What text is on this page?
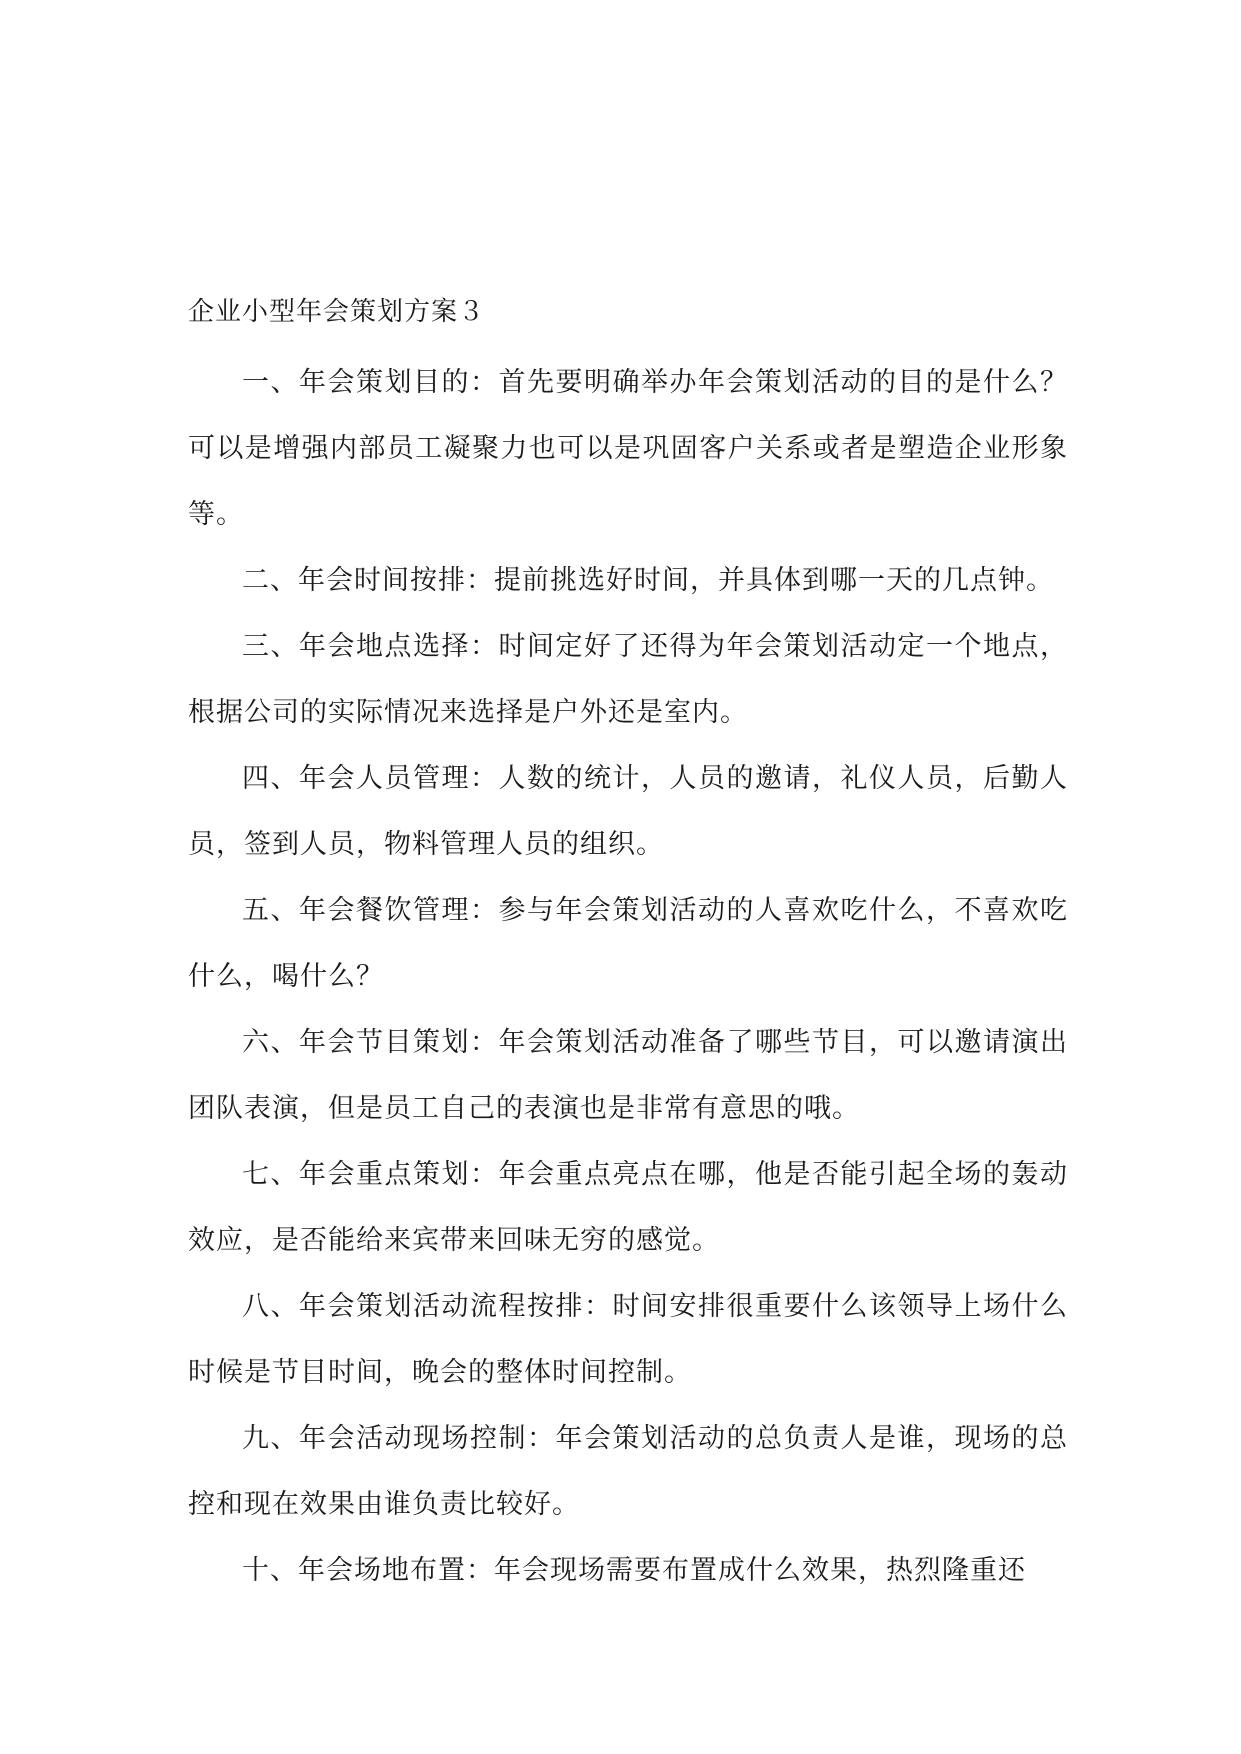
企业小型年会策划方案３

一、年会策划目的：首先要明确举办年会策划活动的目的是什么？可以是增强内部员工凝聚力也可以是巩固客户关系或者是塑造企业形象等。

二、年会时间按排：提前挑选好时间，并具体到哪一天的几点钟。

三、年会地点选择：时间定好了还得为年会策划活动定一个地点，根据公司的实际情况来选择是户外还是室内。

四、年会人员管理：人数的统计，人员的邀请，礼仪人员，后勤人员，签到人员，物料管理人员的组织。

五、年会餐饮管理：参与年会策划活动的人喜欢吃什么，不喜欢吃什么，喝什么？

六、年会节目策划：年会策划活动准备了哪些节目，可以邀请演出团队表演，但是员工自己的表演也是非常有意思的哦。

七、年会重点策划：年会重点亮点在哪，他是否能引起全场的轰动效应，是否能给来宾带来回味无穷的感觉。

八、年会策划活动流程按排：时间安排很重要什么该领导上场什么时候是节目时间，晚会的整体时间控制。

九、年会活动现场控制：年会策划活动的总负责人是谁，现场的总控和现在效果由谁负责比较好。

十、年会场地布置：年会现场需要布置成什么效果，热烈隆重还
